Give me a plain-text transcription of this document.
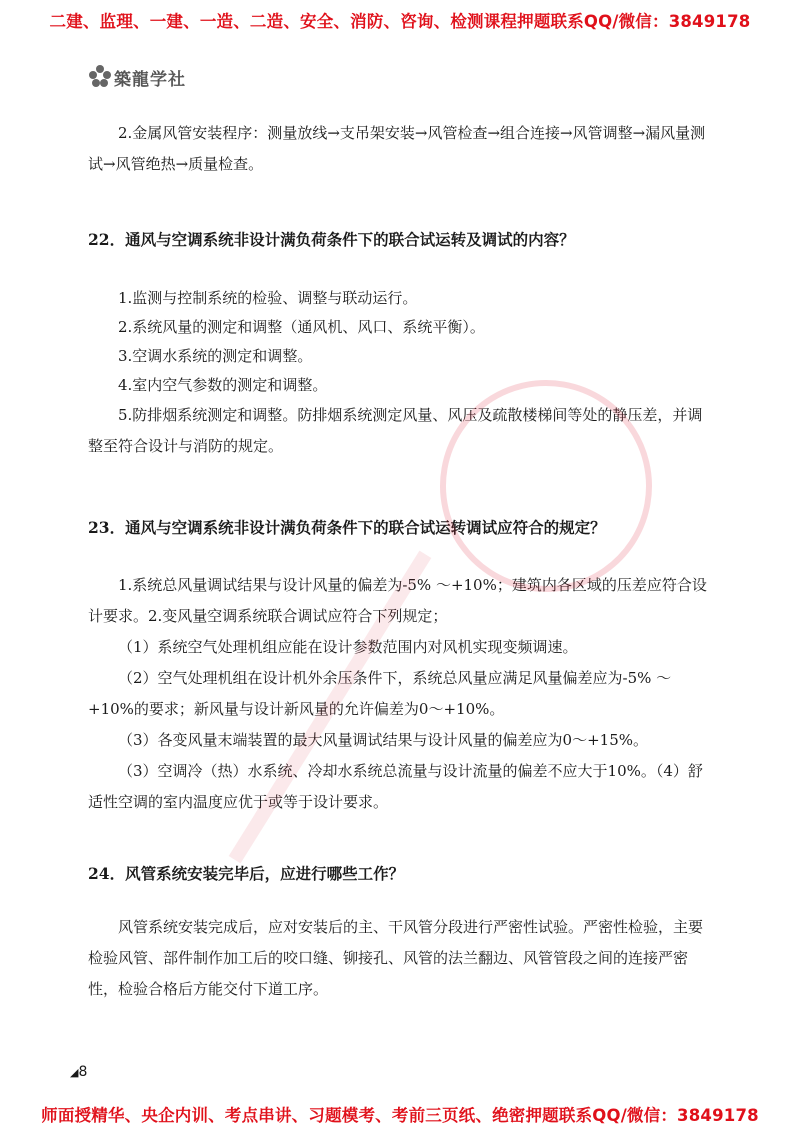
二建、监理、一建、一造、二造、安全、消防、咨询、检测课程押题联系QQ/微信：3849178
築龍学社
2.金属风管安装程序：测量放线→支吊架安装→风管检查→组合连接→风管调整→漏风量测试→风管绝热→质量检查。
22．通风与空调系统非设计满负荷条件下的联合试运转及调试的内容？
1.监测与控制系统的检验、调整与联动运行。
2.系统风量的测定和调整（通风机、风口、系统平衡）。
3.空调水系统的测定和调整。
4.室内空气参数的测定和调整。
5.防排烟系统测定和调整。防排烟系统测定风量、风压及疏散楼梯间等处的静压差，并调整至符合设计与消防的规定。
23．通风与空调系统非设计满负荷条件下的联合试运转调试应符合的规定？

1.系统总风量调试结果与设计风量的偏差为-5% ～+10%；建筑内各区域的压差应符合设计要求。2.变风量空调系统联合调试应符合下列规定；

（1）系统空气处理机组应能在设计参数范围内对风机实现变频调速。

（2）空气处理机组在设计机外余压条件下，系统总风量应满足风量偏差应为-5% ～+10%的要求；新风量与设计新风量的允许偏差为0～+10%。

（3）各变风量末端装置的最大风量调试结果与设计风量的偏差应为0～+15%。

（3）空调冷（热）水系统、冷却水系统总流量与设计流量的偏差不应大于10%。（4）舒适性空调的室内温度应优于或等于设计要求。

24．风管系统安装完毕后，应进行哪些工作？
风管系统安装完成后，应对安装后的主、干风管分段进行严密性试验。严密性检验，主要检验风管、部件制作加工后的咬口缝、铆接孔、风管的法兰翻边、风管管段之间的连接严密性，检验合格后方能交付下道工序。
◢8
师面授精华、央企内训、考点串讲、习题模考、考前三页纸、绝密押题联系QQ/微信：3849178
